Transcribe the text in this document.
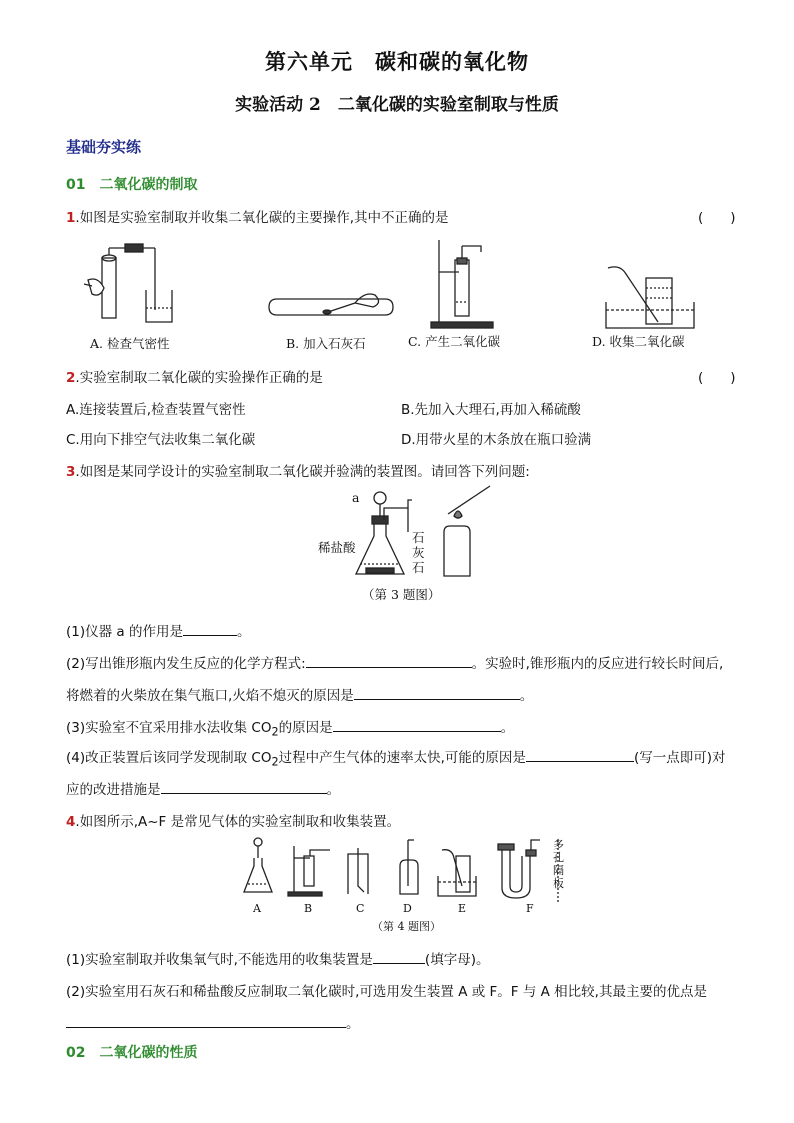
第六单元　碳和碳的氧化物
实验活动 2　二氧化碳的实验室制取与性质
基础夯实练
01　二氧化碳的制取
1.如图是实验室制取并收集二氧化碳的主要操作,其中不正确的是	(　　)
A. 检查气密性	B. 加入石灰石	C. 产生二氧化碳	D. 收集二氧化碳
2.实验室制取二氧化碳的实验操作正确的是	(　　)
A.连接装置后,检查装置气密性	B.先加入大理石,再加入稀硫酸
C.用向下排空气法收集二氧化碳	D.用带火星的木条放在瓶口验满
3.如图是某同学设计的实验室制取二氧化碳并验满的装置图。请回答下列问题:
a
稀盐酸
石
灰
石
（第 3 题图）
(1)仪器 a 的作用是	。
(2)写出锥形瓶内发生反应的化学方程式:	。实验时,锥形瓶内的反应进行较长时间后,
将燃着的火柴放在集气瓶口,火焰不熄灭的原因是	。
(3)实验室不宜采用排水法收集 $CO_2$的原因是	。
(4)改正装置后该同学发现制取 $CO_2$过程中产生气体的速率太快,可能的原因是	(写一点即可)对
应的改进措施是	。
4.如图所示,A~F 是常见气体的实验室制取和收集装置。
A	B	C	D	E	F
多
孔
隔
板
（第 4 题图）
(1)实验室制取并收集氧气时,不能选用的收集装置是	(填字母)。
(2)实验室用石灰石和稀盐酸反应制取二氧化碳时,可选用发生装置 A 或 F。F 与 A 相比较,其最主要的优点是
。
02　二氧化碳的性质
